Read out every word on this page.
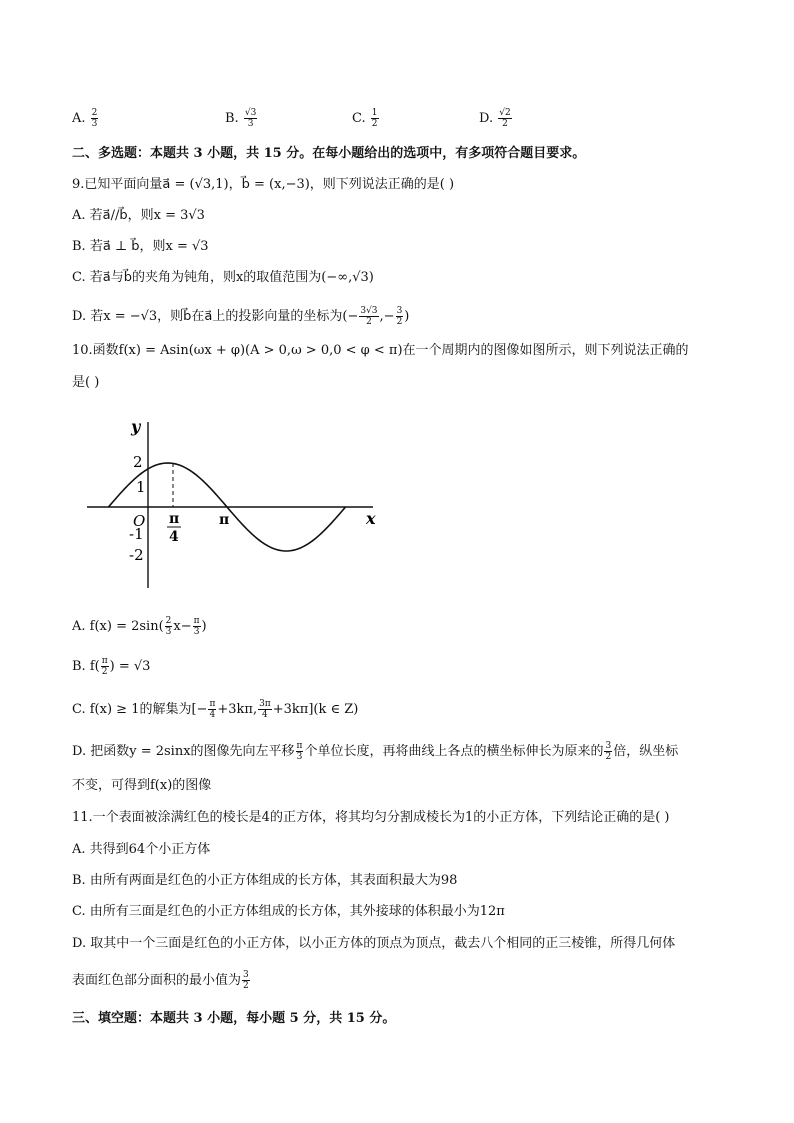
A. $\frac{2}{3}$	B. $\frac{√3}{3}$	C. $\frac{1}{2}$	D. $\frac{√2}{2}$
二、多选题：本题共 3 小题，共 15 分。在每小题给出的选项中，有多项符合题目要求。
9.已知平面向量a⃗ = (√3,1)，b⃗ = (x,−3)，则下列说法正确的是( )
A. 若a⃗//b⃗，则x = 3√3
B. 若a⃗ ⊥ b⃗，则x = √3
C. 若a⃗与b⃗的夹角为钝角，则x的取值范围为(−∞,√3)
D. 若x = −√3，则b⃗在a⃗上的投影向量的坐标为(− $\frac{3√3}{2}$ ,− $\frac{3}{2}$ )
10.函数f(x) = Asin(ωx + φ)(A > 0,ω > 0,0 < φ < π)在一个周期内的图像如图所示，则下列说法正确的
是( )
y
x
O
2
1
-1
-2
π
4
π
A. $f(x) = 2\sin( \frac{2}{3} x- \frac{\pi}{3}$ )
B. $f( \frac{\pi}{2}$ ) = √3
C. f(x) ≥ 1的解集为[− $\frac{\pi}{4} +3k\pi$, $\frac{3\pi}{4} +3k\pi](k$ ∈ Z)
D. 把函数y = 2sinx的图像先向左平移 $\frac{\pi}{3}$ 个单位长度，再将曲线上各点的横坐标伸长为原来的 $\frac{3}{2}$ 倍，纵坐标
不变，可得到f(x)的图像
11.一个表面被涂满红色的棱长是4的正方体，将其均匀分割成棱长为1的小正方体，下列结论正确的是( )
A. 共得到64个小正方体
B. 由所有两面是红色的小正方体组成的长方体，其表面积最大为98
C. 由所有三面是红色的小正方体组成的长方体，其外接球的体积最小为12π
D. 取其中一个三面是红色的小正方体，以小正方体的顶点为顶点，截去八个相同的正三棱锥，所得几何体
表面红色部分面积的最小值为 $\frac{3}{2}$
三、填空题：本题共 3 小题，每小题 5 分，共 15 分。
